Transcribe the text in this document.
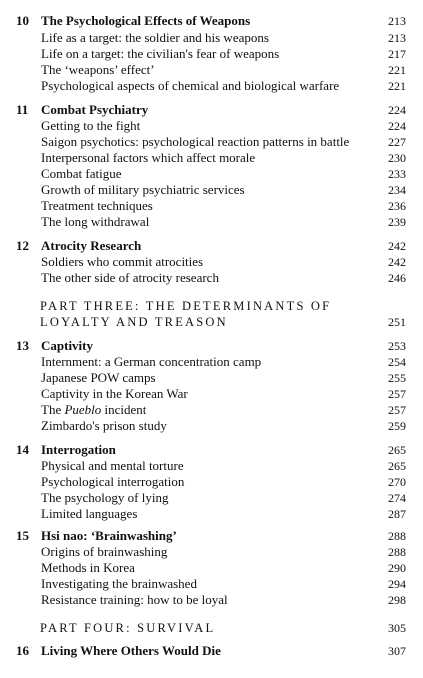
10 The Psychological Effects of Weapons	213
Life as a target: the soldier and his weapons	213
Life on a target: the civilian's fear of weapons	217
The ‘weapons’ effect’	221
Psychological aspects of chemical and biological warfare	221
11 Combat Psychiatry	224
Getting to the fight	224
Saigon psychotics: psychological reaction patterns in battle	227
Interpersonal factors which affect morale	230
Combat fatigue	233
Growth of military psychiatric services	234
Treatment techniques	236
The long withdrawal	239
12 Atrocity Research	242
Soldiers who commit atrocities	242
The other side of atrocity research	246
PART THREE: THE DETERMINANTS OF
LOYALTY AND TREASON	251
13 Captivity	253
Internment: a German concentration camp	254
Japanese POW camps	255
Captivity in the Korean War	257
The Pueblo incident	257
Zimbardo's prison study	259
14 Interrogation	265
Physical and mental torture	265
Psychological interrogation	270
The psychology of lying	274
Limited languages	287
15 Hsi nao: ‘Brainwashing’	288
Origins of brainwashing	288
Methods in Korea	290
Investigating the brainwashed	294
Resistance training: how to be loyal	298
PART FOUR: SURVIVAL	305
16 Living Where Others Would Die	307
